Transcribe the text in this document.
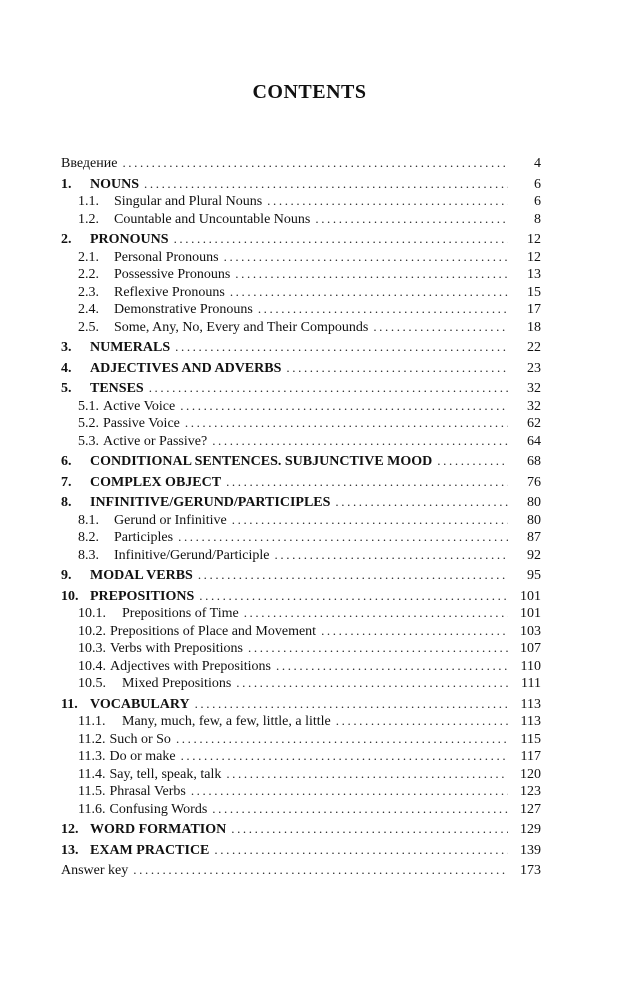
CONTENTS
Введение .....	4
1.	NOUNS .....	6
1.1.	Singular and Plural Nouns .....	6
1.2.	Countable and Uncountable Nouns .....	8
2.	PRONOUNS .....	12
2.1.	Personal Pronouns .....	12
2.2.	Possessive Pronouns .....	13
2.3.	Reflexive Pronouns .....	15
2.4.	Demonstrative Pronouns .....	17
2.5.	Some, Any, No, Every and Their Compounds .....	18
3.	NUMERALS .....	22
4.	ADJECTIVES AND ADVERBS .....	23
5.	TENSES .....	32
5.1. Active Voice .....	32
5.2. Passive Voice .....	62
5.3. Active or Passive? .....	64
6.	CONDITIONAL SENTENCES. SUBJUNCTIVE MOOD .....	68
7.	COMPLEX OBJECT .....	76
8.	INFINITIVE/GERUND/PARTICIPLES .....	80
8.1.	Gerund or Infinitive .....	80
8.2.	Participles .....	87
8.3.	Infinitive/Gerund/Participle .....	92
9.	MODAL VERBS .....	95
10. PREPOSITIONS .....	101
10.1.	Prepositions of Time .....	101
10.2. Prepositions of Place and Movement .....	103
10.3. Verbs with Prepositions .....	107
10.4. Adjectives with Prepositions .....	110
10.5.	Mixed Prepositions .....	111
11. VOCABULARY .....	113
11.1.	Many, much, few, a few, little, a little .....	113
11.2. Such or So .....	115
11.3. Do or make .....	117
11.4. Say, tell, speak, talk .....	120
11.5. Phrasal Verbs .....	123
11.6. Confusing Words .....	127
12. WORD FORMATION .....	129
13. EXAM PRACTICE .....	139
Answer key .....	173
